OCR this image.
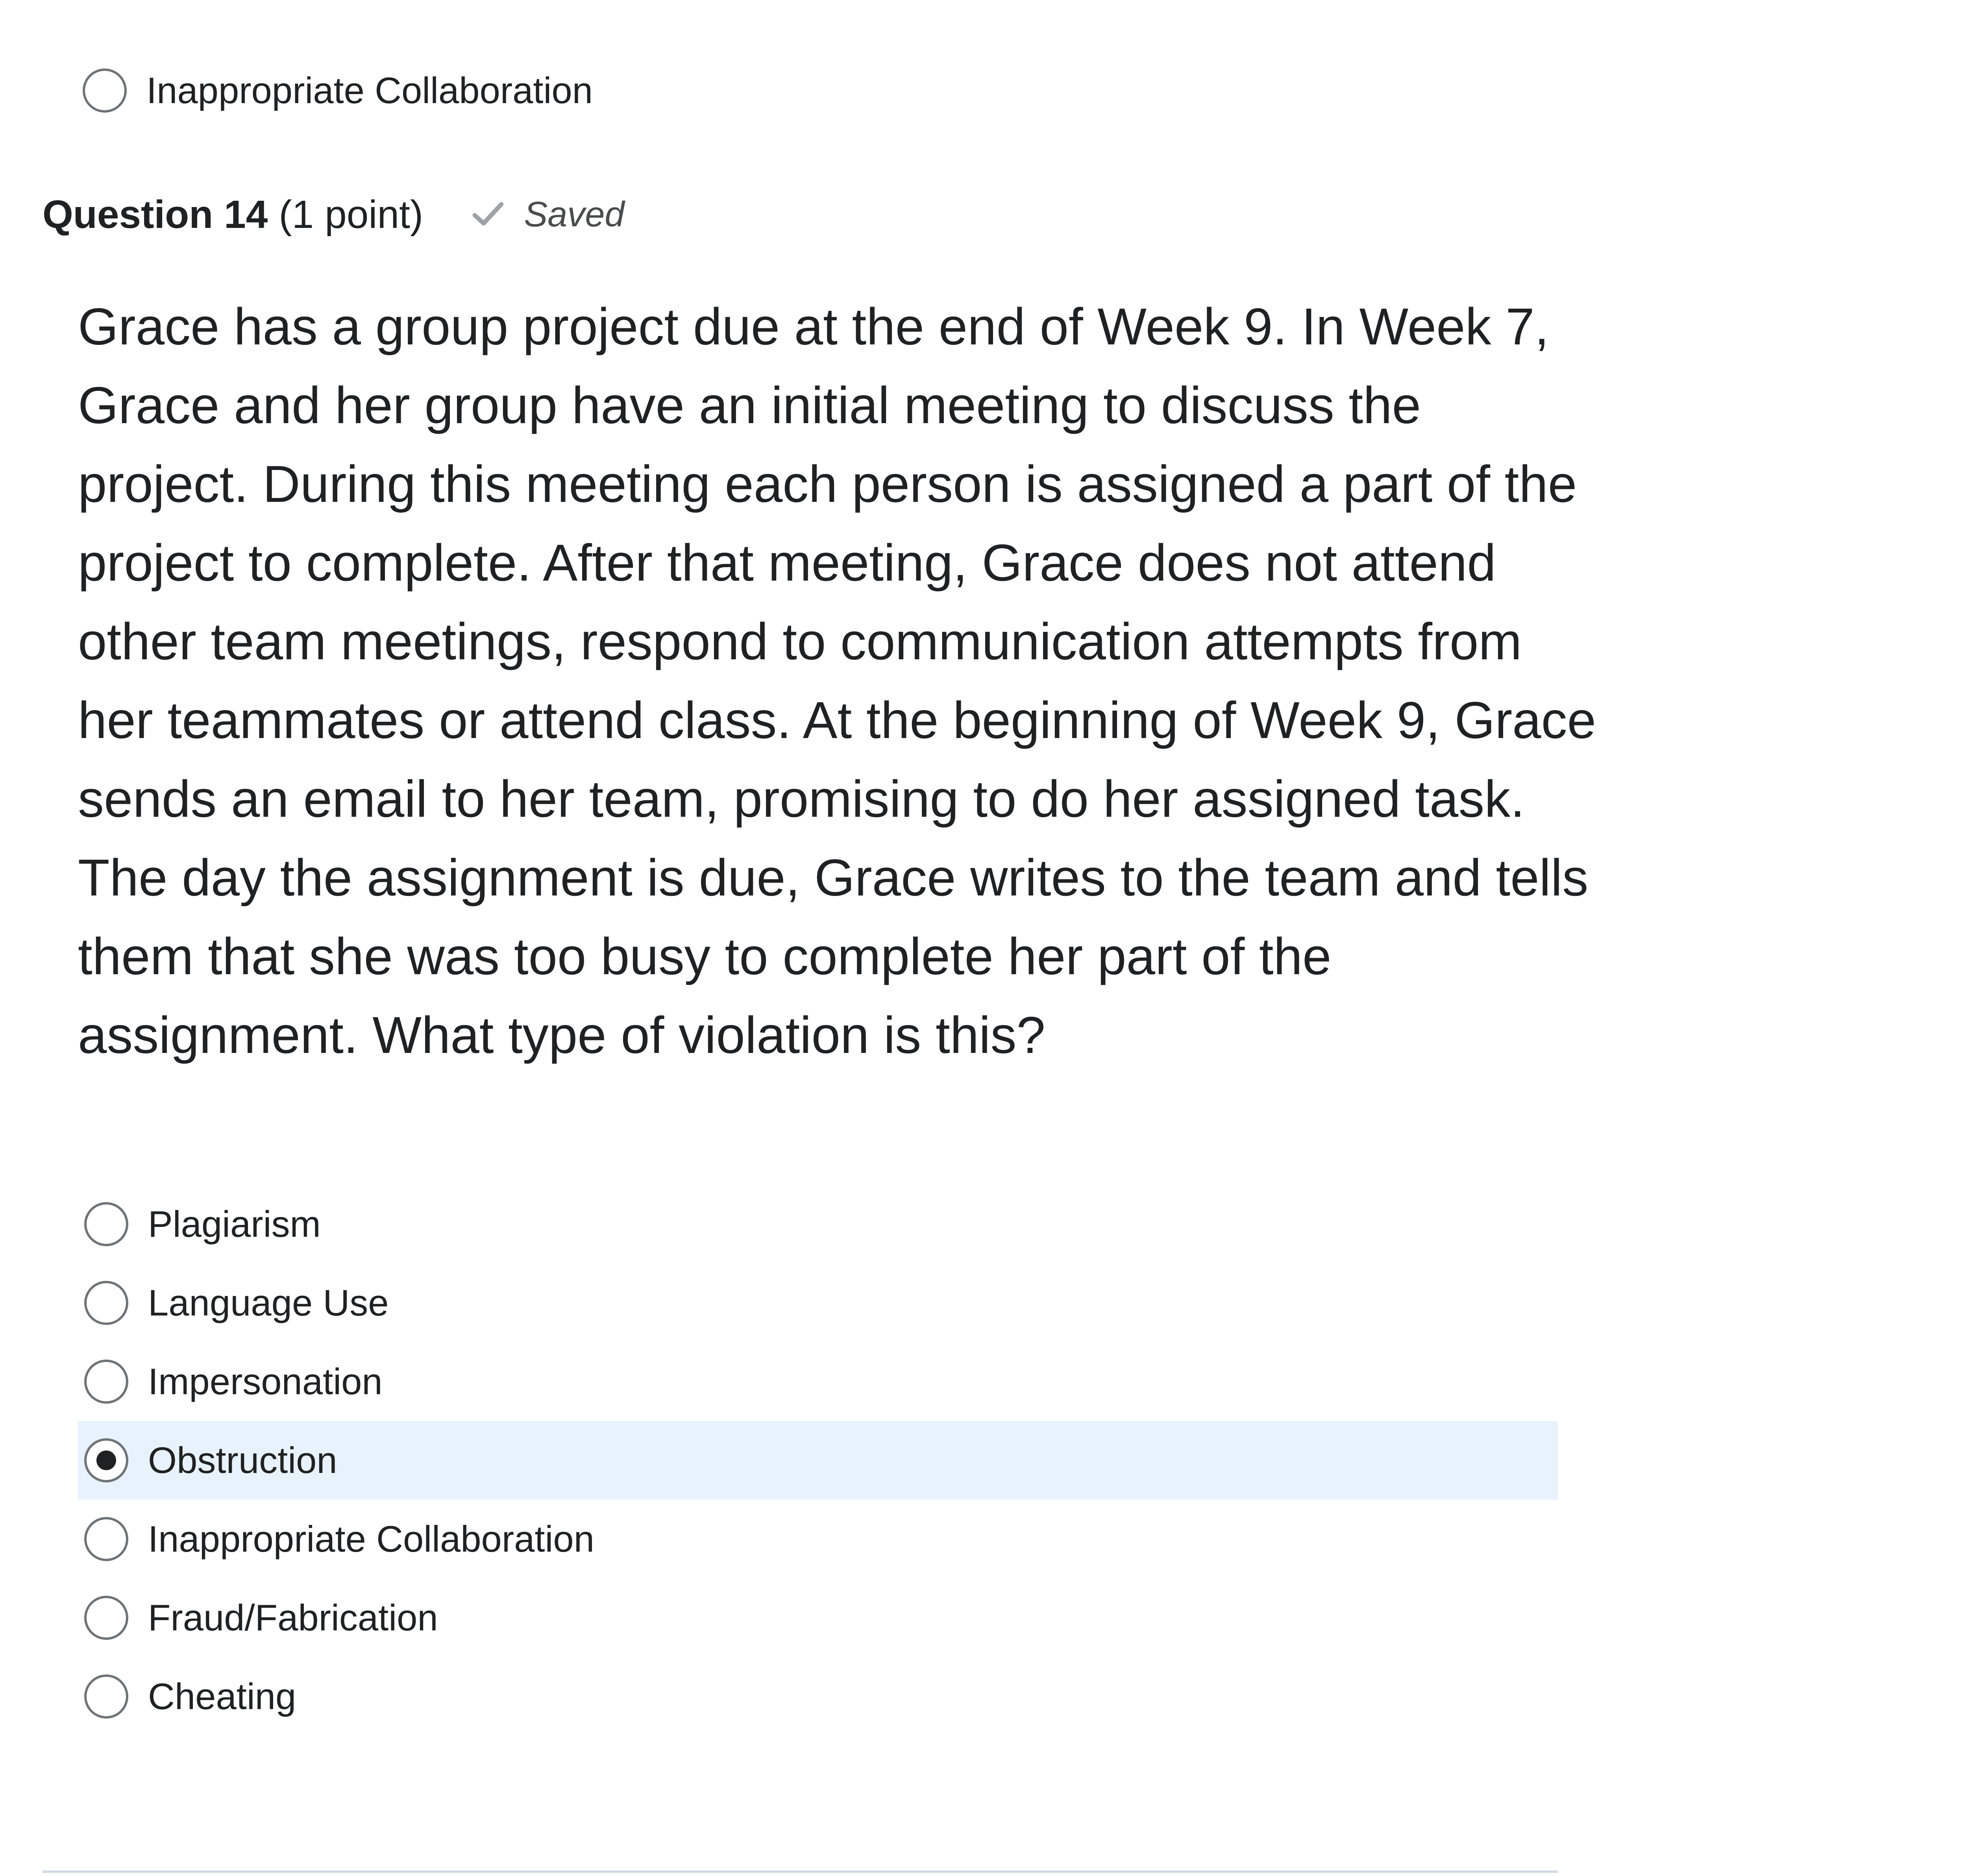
Inappropriate Collaboration
Question 14 (1 point)	Saved
Grace has a group project due at the end of Week 9. In Week 7, Grace and her group have an initial meeting to discuss the project. During this meeting each person is assigned a part of the project to complete. After that meeting, Grace does not attend other team meetings, respond to communication attempts from her teammates or attend class. At the beginning of Week 9, Grace sends an email to her team, promising to do her assigned task. The day the assignment is due, Grace writes to the team and tells them that she was too busy to complete her part of the assignment. What type of violation is this?
Plagiarism
Language Use
Impersonation
Obstruction
Inappropriate Collaboration
Fraud/Fabrication
Cheating
